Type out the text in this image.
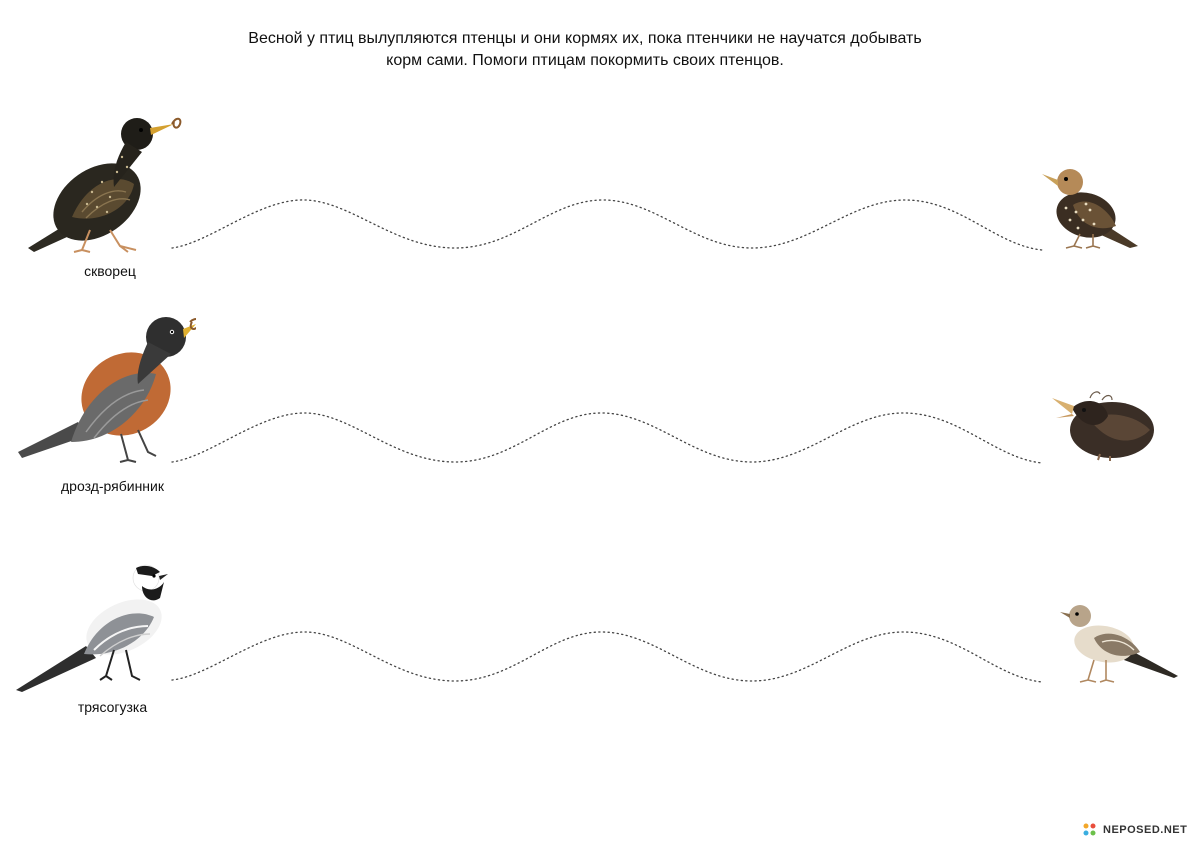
Весной у птиц вылупляются птенцы и они кормях их, пока птенчики не научатся добывать
корм сами. Помоги птицам покормить своих птенцов.

скворец
дрозд-рябинник
трясогузка
NEPOSED.NET
